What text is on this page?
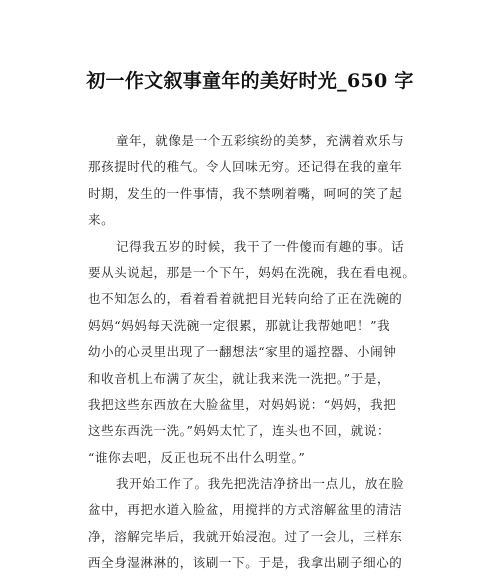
初一作文叙事童年的美好时光_650 字
童年，就像是一个五彩缤纷的美梦，充满着欢乐与
那孩提时代的稚气。令人回味无穷。还记得在我的童年
时期，发生的一件事情，我不禁咧着嘴，呵呵的笑了起
来。
记得我五岁的时候，我干了一件傻而有趣的事。话
要从头说起，那是一个下午，妈妈在洗碗，我在看电视。
也不知怎么的，看着看着就把目光转向给了正在洗碗的
妈妈“妈妈每天洗碗一定很累，那就让我帮她吧！”我
幼小的心灵里出现了一翻想法“家里的遥控器、小闹钟
和收音机上布满了灰尘，就让我来洗一洗把。”于是，
我把这些东西放在大脸盆里，对妈妈说：“妈妈，我把
这些东西洗一洗。”妈妈太忙了，连头也不回，就说：
“谁你去吧，反正也玩不出什么明堂。”
我开始工作了。我先把洗洁净挤出一点儿，放在脸
盆中，再把水道入脸盆，用搅拌的方式溶解盆里的清洁
净，溶解完毕后，我就开始浸泡。过了一会儿，三样东
西全身湿淋淋的，该刷一下。于是，我拿出刷子细心的
